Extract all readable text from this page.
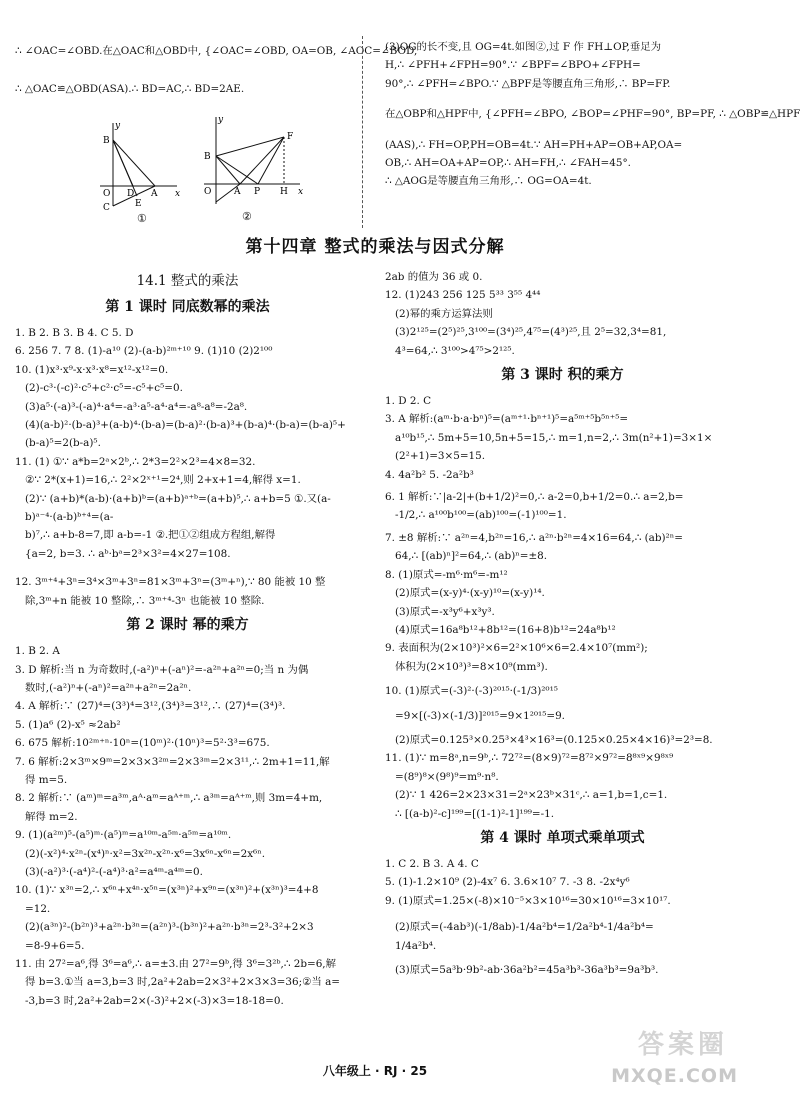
∴ ∠OAC=∠OBD.在△OAC和△OBD中, {∠OAC=∠OBD, OA=OB, ∠AOC=∠BOD,
∴ △OAC≌△OBD(ASA).∴ BD=AC,∴ BD=2AE.
y
B
O D A x
E
C
①
y
F
B
O	A P H x
②
(3)OG的长不变,且 OG=4t.如图②,过 F 作 FH⊥OP,垂足为
H,∴ ∠PFH+∠FPH=90°.∵ ∠BPF=∠BPO+∠FPH=
90°,∴ ∠PFH=∠BPO.∵ △BPF是等腰直角三角形,∴ BP=FP.
在△OBP和△HPF中, {∠PFH=∠BPO, ∠BOP=∠PHF=90°, BP=PF, ∴ △OBP≌△HPF
(AAS),∴ FH=OP,PH=OB=4t.∵ AH=PH+AP=OB+AP,OA=
OB,∴ AH=OA+AP=OP,∴ AH=FH,∴ ∠FAH=45°.
∴ △AOG是等腰直角三角形,∴ OG=OA=4t.
第十四章 整式的乘法与因式分解
14.1 整式的乘法
第 1 课时 同底数幂的乘法
1. B 2. B 3. B 4. C 5. D
6. 256 7. 7 8. (1)-a¹⁰ (2)-(a-b)²ᵐ⁺¹⁰ 9. (1)10 (2)2¹⁰⁰
10. (1)x³·x⁹-x·x³·x⁸=x¹²-x¹²=0.
(2)-c³·(-c)²·c⁵+c²·c⁵=-c⁵+c⁵=0.
(3)a⁵·(-a)³-(-a)⁴·a⁴=-a³·a⁵-a⁴·a⁴=-a⁸-a⁸=-2a⁸.
(4)(a-b)²·(b-a)³+(a-b)⁴·(b-a)=(b-a)²·(b-a)³+(b-a)⁴·(b-a)=(b-a)⁵+(b-a)⁵=2(b-a)⁵.
11. (1) ①∵ a*b=2ᵃ×2ᵇ,∴ 2*3=2²×2³=4×8=32.
②∵ 2*(x+1)=16,∴ 2²×2ˣ⁺¹=2⁴,则 2+x+1=4,解得 x=1.
(2)∵ (a+b)*(a-b)·(a+b)ᵇ=(a+b)ᵃ⁺ᵇ=(a+b)⁵,∴ a+b=5 ①.又(a-b)ᵃ⁻⁴·(a-b)ᵇ⁺⁴=(a-
b)⁷,∴ a+b-8=7,即 a-b=-1 ②.把①②组成方程组,解得
{a=2, b=3. ∴ aᵇ·bᵃ=2³×3²=4×27=108.
12. 3ᵐ⁺⁴+3ⁿ=3⁴×3ᵐ+3ⁿ=81×3ᵐ+3ⁿ=(3ᵐ+ⁿ),∵ 80 能被 10 整
除,3ᵐ+n 能被 10 整除,∴ 3ᵐ⁺⁴-3ⁿ 也能被 10 整除.
第 2 课时 幂的乘方
1. B 2. A
3. D 解析:当 n 为奇数时,(-a²)ⁿ+(-aⁿ)²=-a²ⁿ+a²ⁿ=0;当 n 为偶
数时,(-a²)ⁿ+(-aⁿ)²=a²ⁿ+a²ⁿ=2a²ⁿ.
4. A 解析:∵ (27)⁴=(3³)⁴=3¹²,(3⁴)³=3¹²,∴ (27)⁴=(3⁴)³.
5. (1)a⁶ (2)-x⁵ ≈2ab²
6. 675 解析:10²ᵐ⁺ⁿ·10ⁿ=(10ᵐ)²·(10ⁿ)³=5²·3³=675.
7. 6 解析:2×3ᵐ×9ᵐ=2×3×3²ᵐ=2×3³ᵐ=2×3¹¹,∴ 2m+1=11,解
得 m=5.
8. 2 解析:∵ (aᵐ)ᵐ=a³ᵐ,aᴬ·aᵐ=aᴬ⁺ᵐ,∴ a³ᵐ=aᴬ⁺ᵐ,则 3m=4+m,
解得 m=2.
9. (1)(a²ᵐ)⁵-(a⁵)ᵐ·(a⁵)ᵐ=a¹⁰ᵐ-a⁵ᵐ·a⁵ᵐ=a¹⁰ᵐ.
(2)(-x²)⁴·x²ⁿ-(x⁴)ⁿ·x²=3x²ⁿ-x²ⁿ·x⁶=3x⁶ⁿ-x⁶ⁿ=2x⁶ⁿ.
(3)(-a²)³·(-a⁴)²-(-a⁴)³·a²=a⁴ᵐ-a⁴ᵐ=0.
10. (1)∵ x³ⁿ=2,∴ x⁶ⁿ+x⁴ⁿ·x⁵ⁿ=(x³ⁿ)²+x⁹ⁿ=(x³ⁿ)²+(x³ⁿ)³=4+8
=12.
(2)(a³ⁿ)²-(b²ⁿ)³+a²ⁿ·b³ⁿ=(a²ⁿ)³-(b³ⁿ)²+a²ⁿ·b³ⁿ=2³-3²+2×3
=8-9+6=5.
11. 由 27²=a⁶,得 3⁶=a⁶,∴ a=±3.由 27²=9ᵇ,得 3⁶=3²ᵇ,∴ 2b=6,解
得 b=3.①当 a=3,b=3 时,2a²+2ab=2×3²+2×3×3=36;②当 a=
-3,b=3 时,2a²+2ab=2×(-3)²+2×(-3)×3=18-18=0.
2ab 的值为 36 或 0.
12. (1)243 256 125 5³³ 3⁵⁵ 4⁴⁴
(2)幂的乘方运算法则
(3)2¹²⁵=(2⁵)²⁵,3¹⁰⁰=(3⁴)²⁵,4⁷⁵=(4³)²⁵,且 2⁵=32,3⁴=81,
4³=64,∴ 3¹⁰⁰>4⁷⁵>2¹²⁵.
第 3 课时 积的乘方
1. D 2. C
3. A 解析:(aᵐ·b·a·bⁿ)⁵=(aᵐ⁺¹·bⁿ⁺¹)⁵=a⁵ᵐ⁺⁵b⁵ⁿ⁺⁵=
a¹⁰b¹⁵,∴ 5m+5=10,5n+5=15,∴ m=1,n=2,∴ 3m(n²+1)=3×1×
(2²+1)=3×5=15.
4. 4a²b² 5. -2a²b³
6. 1 解析:∵|a-2|+(b+1/2)²=0,∴ a-2=0,b+1/2=0.∴ a=2,b=
-1/2,∴ a¹⁰⁰b¹⁰⁰=(ab)¹⁰⁰=(-1)¹⁰⁰=1.
7. ±8 解析:∵ a²ⁿ=4,b²ⁿ=16,∴ a²ⁿ·b²ⁿ=4×16=64,∴ (ab)²ⁿ=
64,∴ [(ab)ⁿ]²=64,∴ (ab)ⁿ=±8.
8. (1)原式=-m⁶·m⁶=-m¹²
(2)原式=(x-y)⁴·(x-y)¹⁰=(x-y)¹⁴.
(3)原式=-x³y⁶+x³y³.
(4)原式=16a⁸b¹²+8b¹²=(16+8)b¹²=24a⁸b¹²
9. 表面积为(2×10³)²×6=2²×10⁶×6=2.4×10⁷(mm²);
体积为(2×10³)³=8×10⁹(mm³).
10. (1)原式=(-3)²·(-3)²⁰¹⁵·(-1/3)²⁰¹⁵
=9×[(-3)×(-1/3)]²⁰¹⁵=9×1²⁰¹⁵=9.
(2)原式=0.125³×0.25³×4³×16³=(0.125×0.25×4×16)³=2³=8.
11. (1)∵ m=8ᵃ,n=9ᵇ,∴ 72⁷²=(8×9)⁷²=8⁷²×9⁷²=8⁸ˣ⁹×9⁸ˣ⁹
=(8⁹)⁸×(9⁸)⁹=m⁹·n⁸.
(2)∵ 1 426=2×23×31=2ᵃ×23ᵇ×31ᶜ,∴ a=1,b=1,c=1.
∴ [(a-b)²-c]¹⁹⁹=[(1-1)²-1]¹⁹⁹=-1.
第 4 课时 单项式乘单项式
1. C 2. B 3. A 4. C
5. (1)-1.2×10⁹ (2)-4x⁷ 6. 3.6×10⁷ 7. -3 8. -2x⁴y⁶
9. (1)原式=1.25×(-8)×10⁻⁵×3×10¹⁶=30×10¹⁶=3×10¹⁷.
(2)原式=(-4ab³)(-1/8ab)-1/4a²b⁴=1/2a²b⁴-1/4a²b⁴=
1/4a²b⁴.
(3)原式=5a³b·9b²-ab·36a²b²=45a³b³-36a³b³=9a³b³.
八年级上 · RJ · 25
答案圈
MXQE.COM
